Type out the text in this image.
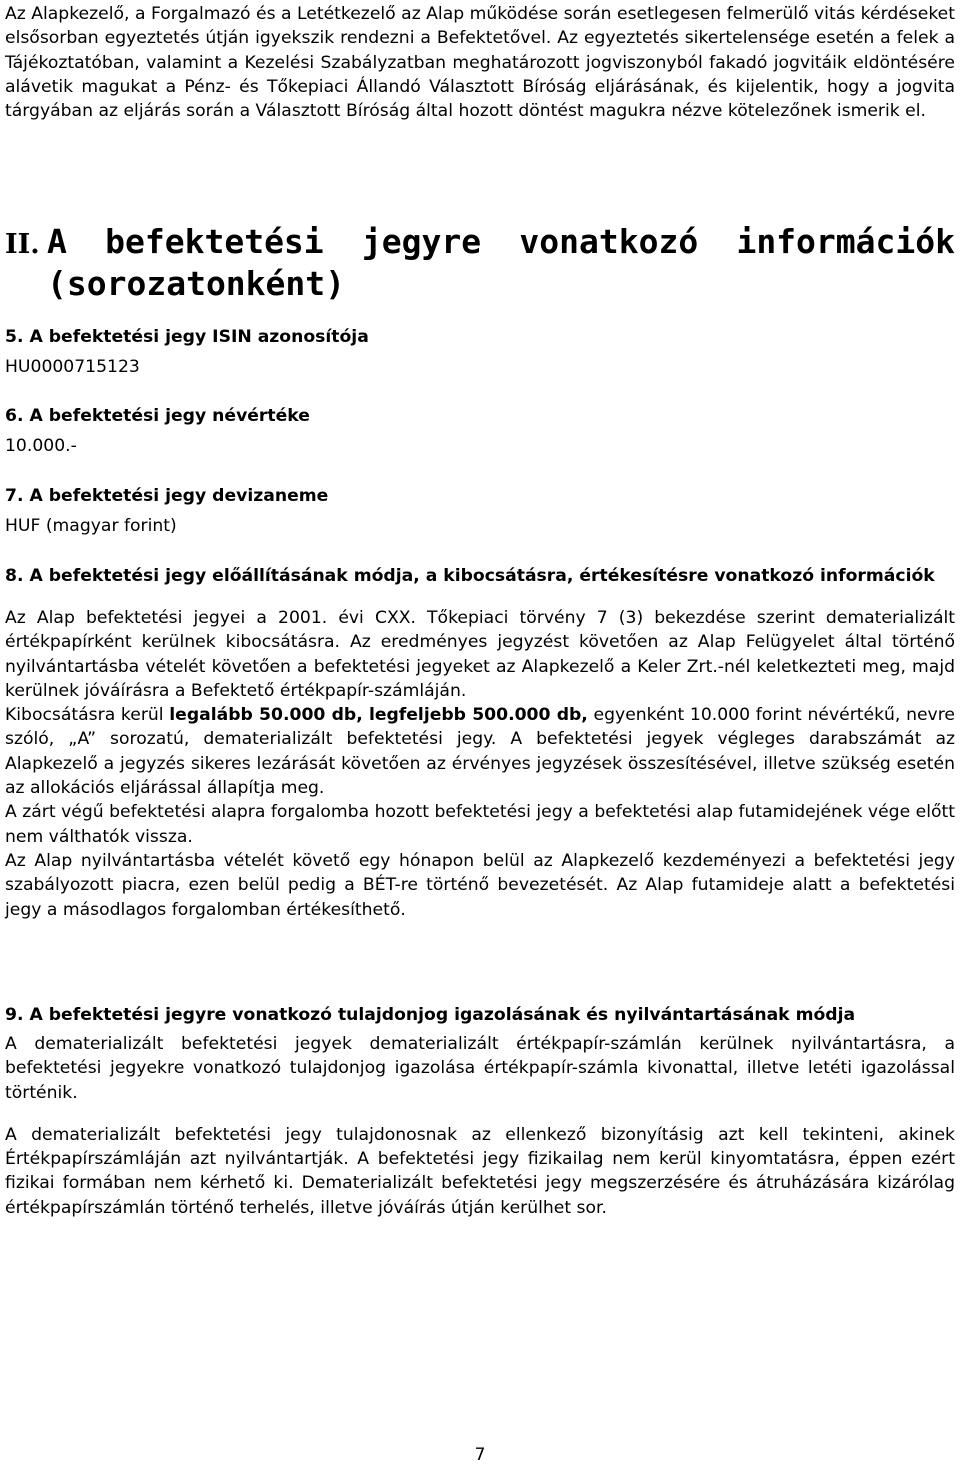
Az Alapkezelő, a Forgalmazó és a Letétkezelő az Alap működése során esetlegesen felmerülő vitás kérdéseket elsősorban egyeztetés útján igyekszik rendezni a Befektetővel. Az egyeztetés sikertelensége esetén a felek a Tájékoztatóban, valamint a Kezelési Szabályzatban meghatározott jogviszonyból fakadó jogvitáik eldöntésére alávetik magukat a Pénz- és Tőkepiaci Állandó Választott Bíróság eljárásának, és kijelentik, hogy a jogvita tárgyában az eljárás során a Választott Bíróság által hozott döntést magukra nézve kötelezőnek ismerik el.

II. A befektetési jegyre vonatkozó információk
(sorozatonként)

5. A befektetési jegy ISIN azonosítója

HU0000715123

6. A befektetési jegy névértéke

10.000.-

7. A befektetési jegy devizaneme

HUF (magyar forint)

8. A befektetési jegy előállításának módja, a kibocsátásra, értékesítésre vonatkozó információk

Az Alap befektetési jegyei a 2001. évi CXX. Tőkepiaci törvény 7 (3) bekezdése szerint dematerializált értékpapírként kerülnek kibocsátásra. Az eredményes jegyzést követően az Alap Felügyelet által történő nyilvántartásba vételét követően a befektetési jegyeket az Alapkezelő a Keler Zrt.-nél keletkezteti meg, majd kerülnek jóváírásra a Befektető értékpapír-számláján.

Kibocsátásra kerül legalább 50.000 db, legfeljebb 500.000 db, egyenként 10.000 forint névértékű, nevre szóló, „A” sorozatú, dematerializált befektetési jegy. A befektetési jegyek végleges darabszámát az Alapkezelő a jegyzés sikeres lezárását követően az érvényes jegyzések összesítésével, illetve szükség esetén az allokációs eljárással állapítja meg.

A zárt végű befektetési alapra forgalomba hozott befektetési jegy a befektetési alap futamidejének vége előtt nem válthatók vissza.

Az Alap nyilvántartásba vételét követő egy hónapon belül az Alapkezelő kezdeményezi a befektetési jegy szabályozott piacra, ezen belül pedig a BÉT-re történő bevezetését. Az Alap futamideje alatt a befektetési jegy a másodlagos forgalomban értékesíthető.

9. A befektetési jegyre vonatkozó tulajdonjog igazolásának és nyilvántartásának módja

A dematerializált befektetési jegyek dematerializált értékpapír-számlán kerülnek nyilvántartásra, a befektetési jegyekre vonatkozó tulajdonjog igazolása értékpapír-számla kivonattal, illetve letéti igazolással történik.

A dematerializált befektetési jegy tulajdonosnak az ellenkező bizonyításig azt kell tekinteni, akinek Értékpapírszámláján azt nyilvántartják. A befektetési jegy fizikailag nem kerül kinyomtatásra, éppen ezért fizikai formában nem kérhető ki. Dematerializált befektetési jegy megszerzésére és átruházására kizárólag értékpapírszámlán történő terhelés, illetve jóváírás útján kerülhet sor.

7
